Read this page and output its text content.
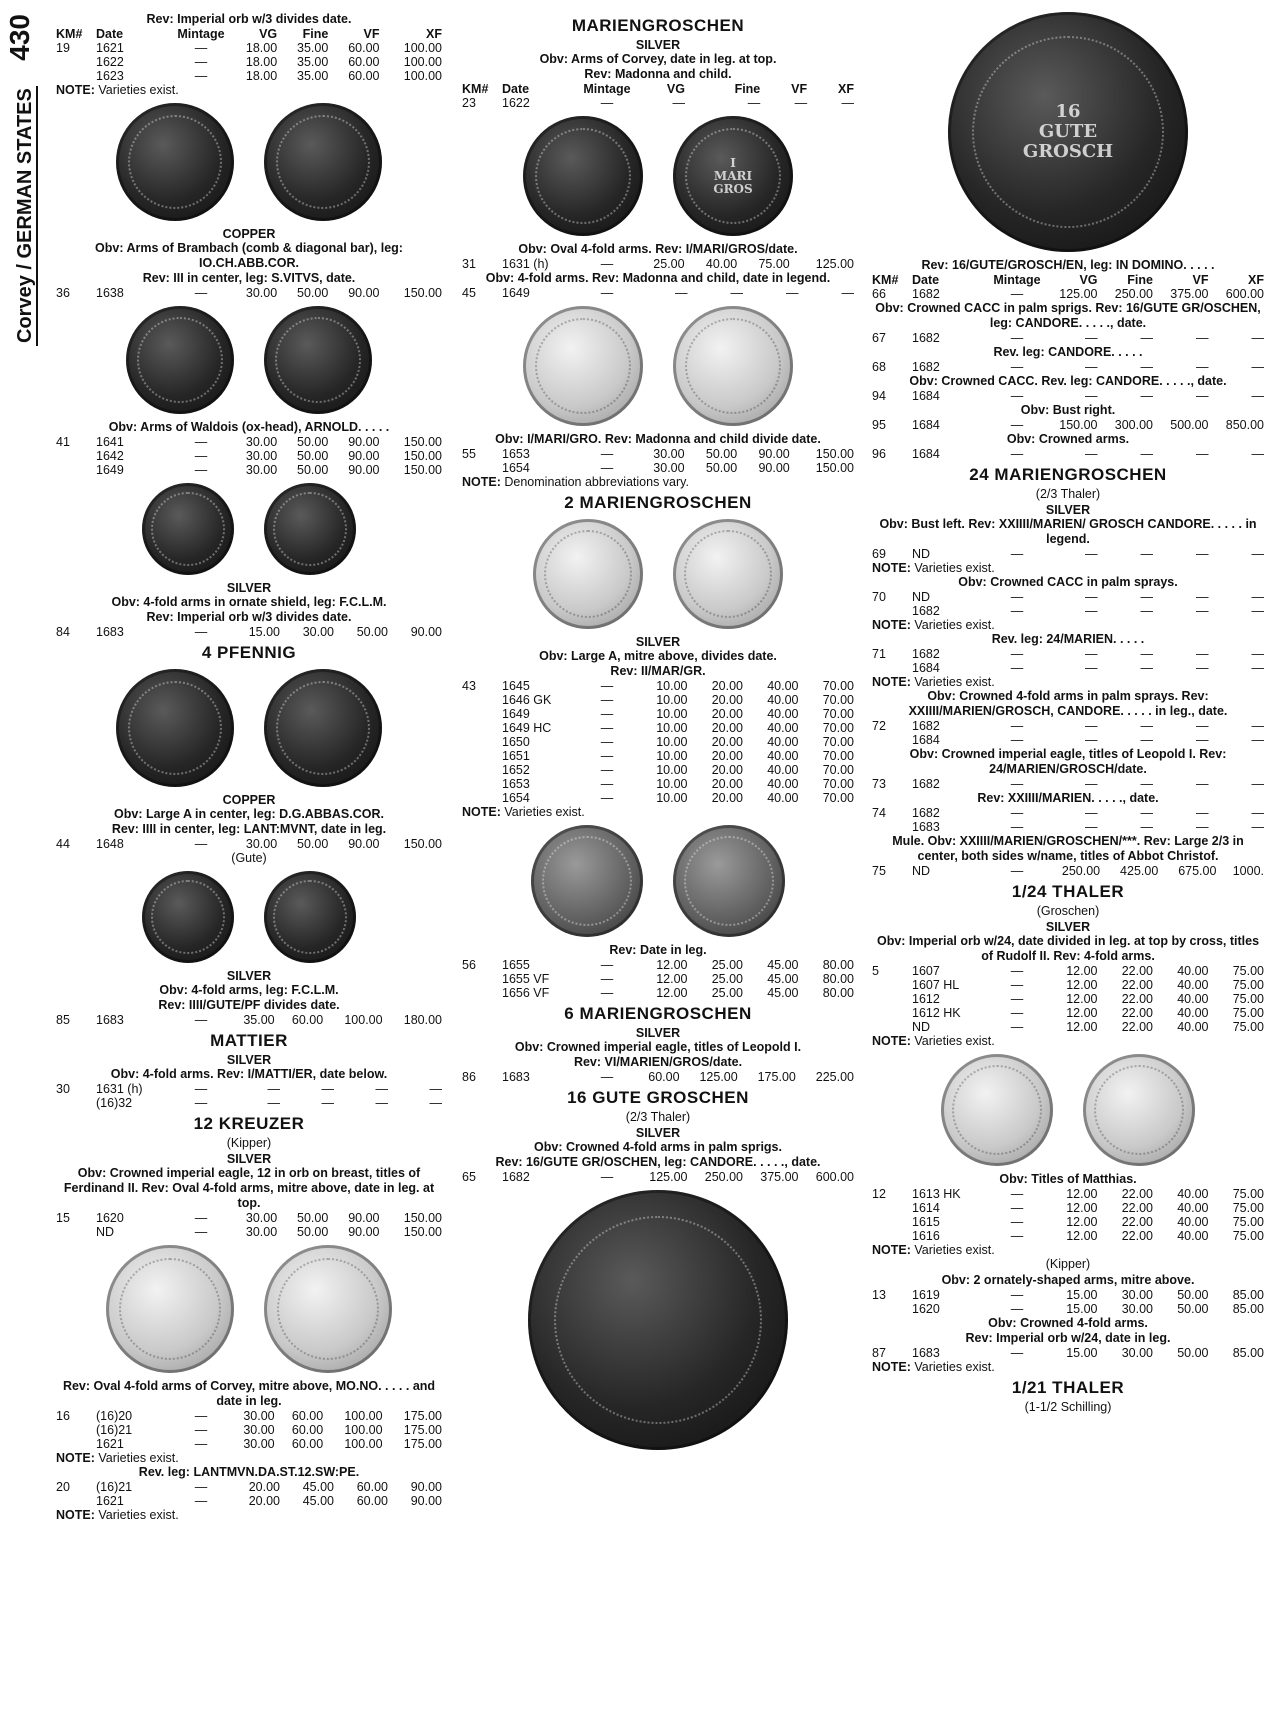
430
Corvey / GERMAN STATES
Rev: Imperial orb w/3 divides date.
KM#	Date	Mintage	VG	Fine	VF	XF
19	1621	—	18.00	35.00	60.00	100.00
	1622	—	18.00	35.00	60.00	100.00
	1623	—	18.00	35.00	60.00	100.00
NOTE: Varieties exist.
COPPER
Obv: Arms of Brambach (comb & diagonal bar), leg: IO.CH.ABB.COR.
Rev: III in center, leg: S.VITVS, date.
36	1638	—	30.00	50.00	90.00	150.00
Obv: Arms of Waldois (ox-head), ARNOLD. . . . .
41	1641	—	30.00	50.00	90.00	150.00
	1642	—	30.00	50.00	90.00	150.00
	1649	—	30.00	50.00	90.00	150.00
SILVER
Obv: 4-fold arms in ornate shield, leg: F.C.L.M.
Rev: Imperial orb w/3 divides date.
84	1683	—	15.00	30.00	50.00	90.00
4 PFENNIG
COPPER
Obv: Large A in center, leg: D.G.ABBAS.COR.
Rev: IIII in center, leg: LANT:MVNT, date in leg.
44	1648	—	30.00	50.00	90.00	150.00
(Gute)
SILVER
Obv: 4-fold arms, leg: F.C.L.M.
Rev: IIII/GUTE/PF divides date.
85	1683	—	35.00	60.00	100.00	180.00
MATTIER
SILVER
Obv: 4-fold arms. Rev: I/MATTI/ER, date below.
30	1631 (h)	—	—	—	—	—
	(16)32	—	—	—	—	—
12 KREUZER
(Kipper)
SILVER
Obv: Crowned imperial eagle, 12 in orb on breast, titles of Ferdinand II. Rev: Oval 4-fold arms, mitre above, date in leg. at top.
15	1620	—	30.00	50.00	90.00	150.00
	ND	—	30.00	50.00	90.00	150.00
Rev: Oval 4-fold arms of Corvey, mitre above, MO.NO. . . . . and date in leg.
16	(16)20	—	30.00	60.00	100.00	175.00
	(16)21	—	30.00	60.00	100.00	175.00
	1621	—	30.00	60.00	100.00	175.00
NOTE: Varieties exist.
Rev. leg: LANTMVN.DA.ST.12.SW:PE.
20	(16)21	—	20.00	45.00	60.00	90.00
	1621	—	20.00	45.00	60.00	90.00
NOTE: Varieties exist.
MARIENGROSCHEN
SILVER
Obv: Arms of Corvey, date in leg. at top.
Rev: Madonna and child.
KM#	Date	Mintage	VG	Fine	VF	XF
23	1622	—	—	—	—	—
I
MARI
GROS
Obv: Oval 4-fold arms. Rev: I/MARI/GROS/date.
31	1631 (h)	—	25.00	40.00	75.00	125.00
Obv: 4-fold arms. Rev: Madonna and child, date in legend.
45	1649	—	—	—	—	—
Obv: I/MARI/GRO. Rev: Madonna and child divide date.
55	1653	—	30.00	50.00	90.00	150.00
	1654	—	30.00	50.00	90.00	150.00
NOTE: Denomination abbreviations vary.
2 MARIENGROSCHEN
SILVER
Obv: Large A, mitre above, divides date.
Rev: II/MAR/GR.
43	1645	—	10.00	20.00	40.00	70.00
	1646 GK	—	10.00	20.00	40.00	70.00
	1649	—	10.00	20.00	40.00	70.00
	1649 HC	—	10.00	20.00	40.00	70.00
	1650	—	10.00	20.00	40.00	70.00
	1651	—	10.00	20.00	40.00	70.00
	1652	—	10.00	20.00	40.00	70.00
	1653	—	10.00	20.00	40.00	70.00
	1654	—	10.00	20.00	40.00	70.00
NOTE: Varieties exist.
Rev: Date in leg.
56	1655	—	12.00	25.00	45.00	80.00
	1655 VF	—	12.00	25.00	45.00	80.00
	1656 VF	—	12.00	25.00	45.00	80.00
6 MARIENGROSCHEN
SILVER
Obv: Crowned imperial eagle, titles of Leopold I.
Rev: VI/MARIEN/GROS/date.
86	1683	—	60.00	125.00	175.00	225.00
16 GUTE GROSCHEN
(2/3 Thaler)
SILVER
Obv: Crowned 4-fold arms in palm sprigs.
Rev: 16/GUTE GR/OSCHEN, leg: CANDORE. . . . ., date.
65	1682	—	125.00	250.00	375.00	600.00
16
GUTE
GROSCH
Rev: 16/GUTE/GROSCH/EN, leg: IN DOMINO. . . . .
KM#	Date	Mintage	VG	Fine	VF	XF
66	1682	—	125.00	250.00	375.00	600.00
Obv: Crowned CACC in palm sprigs. Rev: 16/GUTE GR/OSCHEN, leg: CANDORE. . . . ., date.
67	1682	—	—	—	—	—
Rev. leg: CANDORE. . . . .
68	1682	—	—	—	—	—
Obv: Crowned CACC. Rev. leg: CANDORE. . . . ., date.
94	1684	—	—	—	—	—
Obv: Bust right.
95	1684	—	150.00	300.00	500.00	850.00
Obv: Crowned arms.
96	1684	—	—	—	—	—
24 MARIENGROSCHEN
(2/3 Thaler)
SILVER
Obv: Bust left. Rev: XXIIII/MARIEN/ GROSCH CANDORE. . . . . in legend.
69	ND	—	—	—	—	—
NOTE: Varieties exist.
Obv: Crowned CACC in palm sprays.
70	ND	—	—	—	—	—
	1682	—	—	—	—	—
NOTE: Varieties exist.
Rev. leg: 24/MARIEN. . . . .
71	1682	—	—	—	—	—
	1684	—	—	—	—	—
NOTE: Varieties exist.
Obv: Crowned 4-fold arms in palm sprays. Rev: XXIIII/MARIEN/GROSCH, CANDORE. . . . . in leg., date.
72	1682	—	—	—	—	—
	1684	—	—	—	—	—
Obv: Crowned imperial eagle, titles of Leopold I. Rev: 24/MARIEN/GROSCH/date.
73	1682	—	—	—	—	—
Rev: XXIIII/MARIEN. . . . ., date.
74	1682	—	—	—	—	—
	1683	—	—	—	—	—
Mule. Obv: XXIIII/MARIEN/GROSCHEN/***. Rev: Large 2/3 in center, both sides w/name, titles of Abbot Christof.
75	ND	—	250.00	425.00	675.00	1000.
1/24 THALER
(Groschen)
SILVER
Obv: Imperial orb w/24, date divided in leg. at top by cross, titles of Rudolf II. Rev: 4-fold arms.
5	1607	—	12.00	22.00	40.00	75.00
	1607 HL	—	12.00	22.00	40.00	75.00
	1612	—	12.00	22.00	40.00	75.00
	1612 HK	—	12.00	22.00	40.00	75.00
	ND	—	12.00	22.00	40.00	75.00
NOTE: Varieties exist.
Obv: Titles of Matthias.
12	1613 HK	—	12.00	22.00	40.00	75.00
	1614	—	12.00	22.00	40.00	75.00
	1615	—	12.00	22.00	40.00	75.00
	1616	—	12.00	22.00	40.00	75.00
NOTE: Varieties exist.
(Kipper)
Obv: 2 ornately-shaped arms, mitre above.
13	1619	—	15.00	30.00	50.00	85.00
	1620	—	15.00	30.00	50.00	85.00
Obv: Crowned 4-fold arms.
Rev: Imperial orb w/24, date in leg.
87	1683	—	15.00	30.00	50.00	85.00
NOTE: Varieties exist.
1/21 THALER
(1-1/2 Schilling)
